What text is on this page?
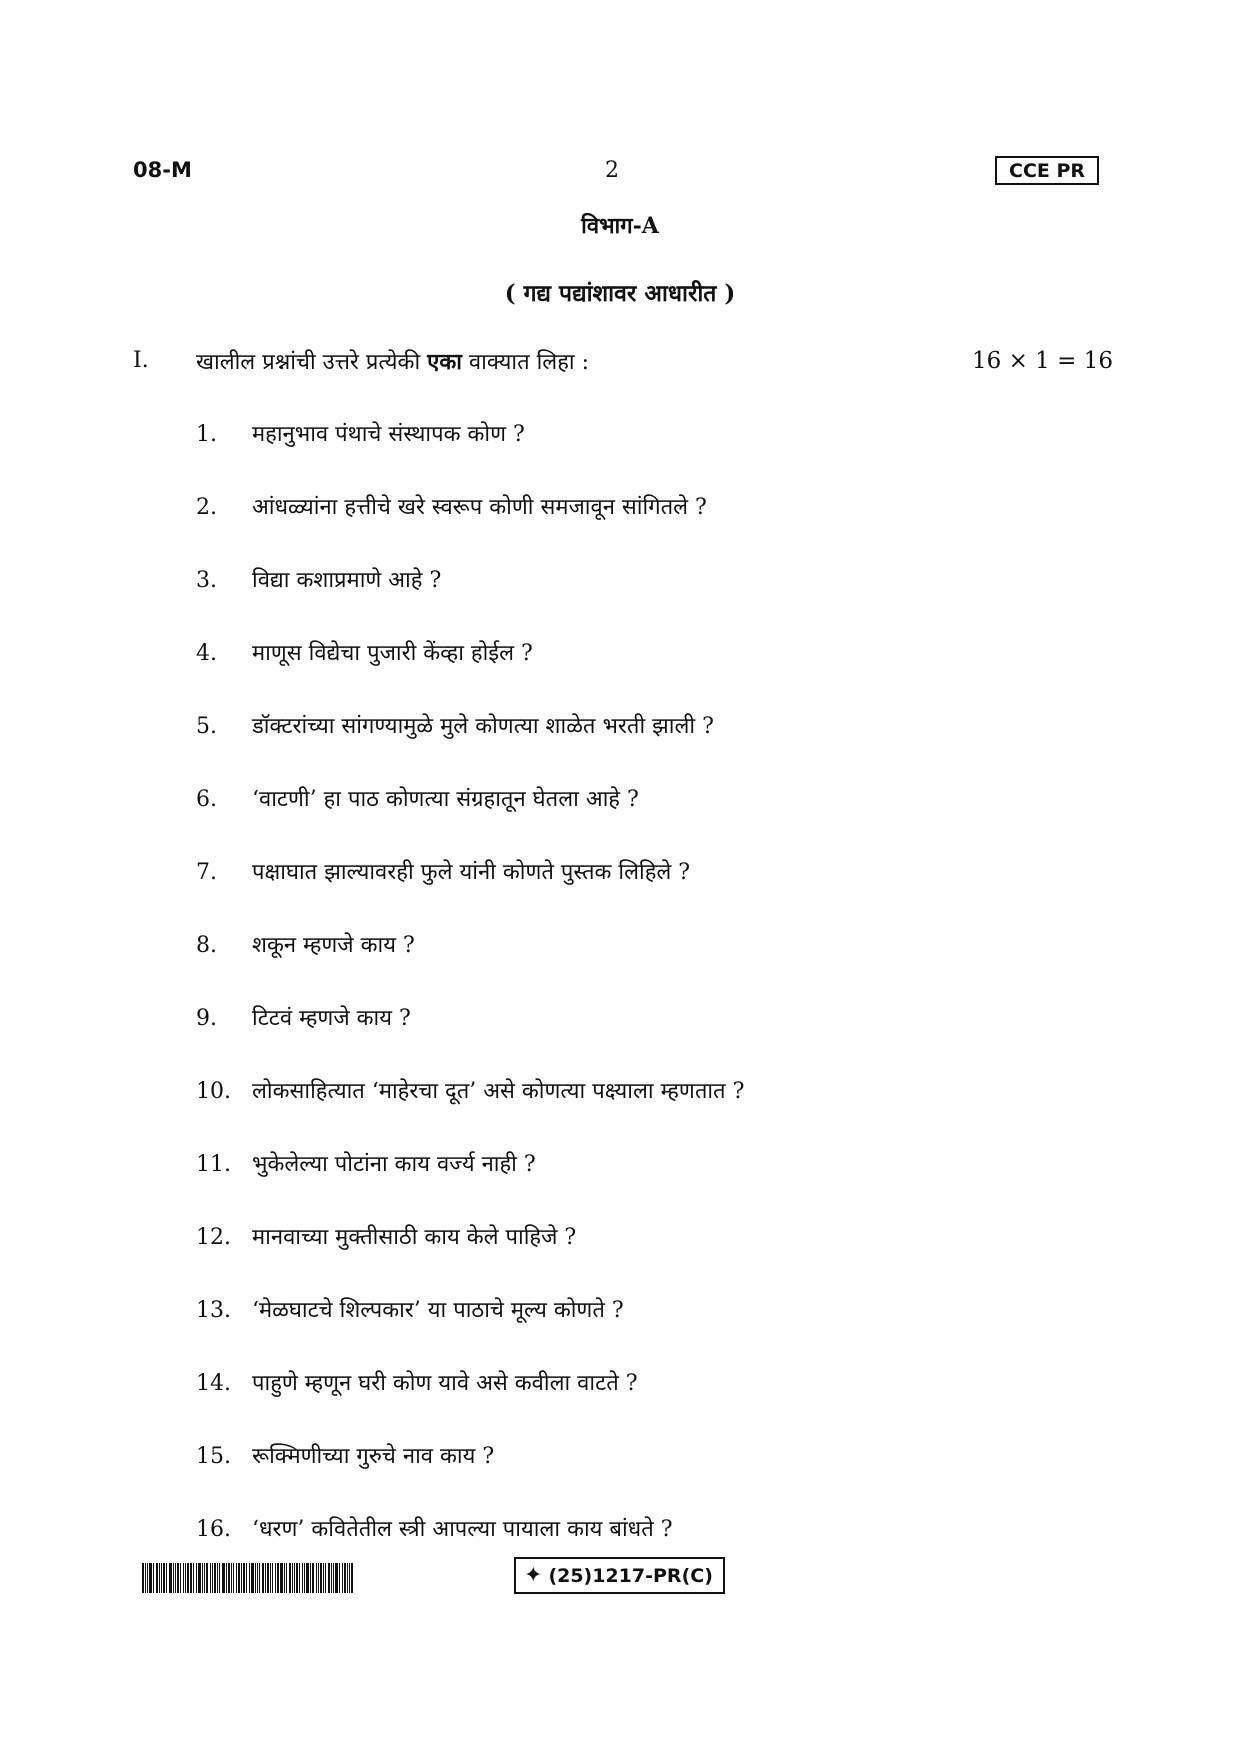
08-M	2	CCE PR
विभाग-A
( गद्य पद्यांशावर आधारीत )
I. खालील प्रश्नांची उत्तरे प्रत्येकी एका वाक्यात लिहा :	16 × 1 = 16
1. महानुभाव पंथाचे संस्थापक कोण ?
2. आंधळ्यांना हत्तीचे खरे स्वरूप कोणी समजावून सांगितले ?
3. विद्या कशाप्रमाणे आहे ?
4. माणूस विद्येचा पुजारी केंव्हा होईल ?
5. डॉक्टरांच्या सांगण्यामुळे मुले कोणत्या शाळेत भरती झाली ?
6. ‘वाटणी’ हा पाठ कोणत्या संग्रहातून घेतला आहे ?
7. पक्षाघात झाल्यावरही फुले यांनी कोणते पुस्तक लिहिले ?
8. शकून म्हणजे काय ?
9. टिटवं म्हणजे काय ?
10. लोकसाहित्यात ‘माहेरचा दूत’ असे कोणत्या पक्ष्याला म्हणतात ?
11. भुकेलेल्या पोटांना काय वर्ज्य नाही ?
12. मानवाच्या मुक्तीसाठी काय केले पाहिजे ?
13. ‘मेळघाटचे शिल्पकार’ या पाठाचे मूल्य कोणते ?
14. पाहुणे म्हणून घरी कोण यावे असे कवीला वाटते ?
15. रूक्मिणीच्या गुरुचे नाव काय ?
16. ‘धरण’ कवितेतील स्त्री आपल्या पायाला काय बांधते ?
✦ (25)1217-PR(C)
